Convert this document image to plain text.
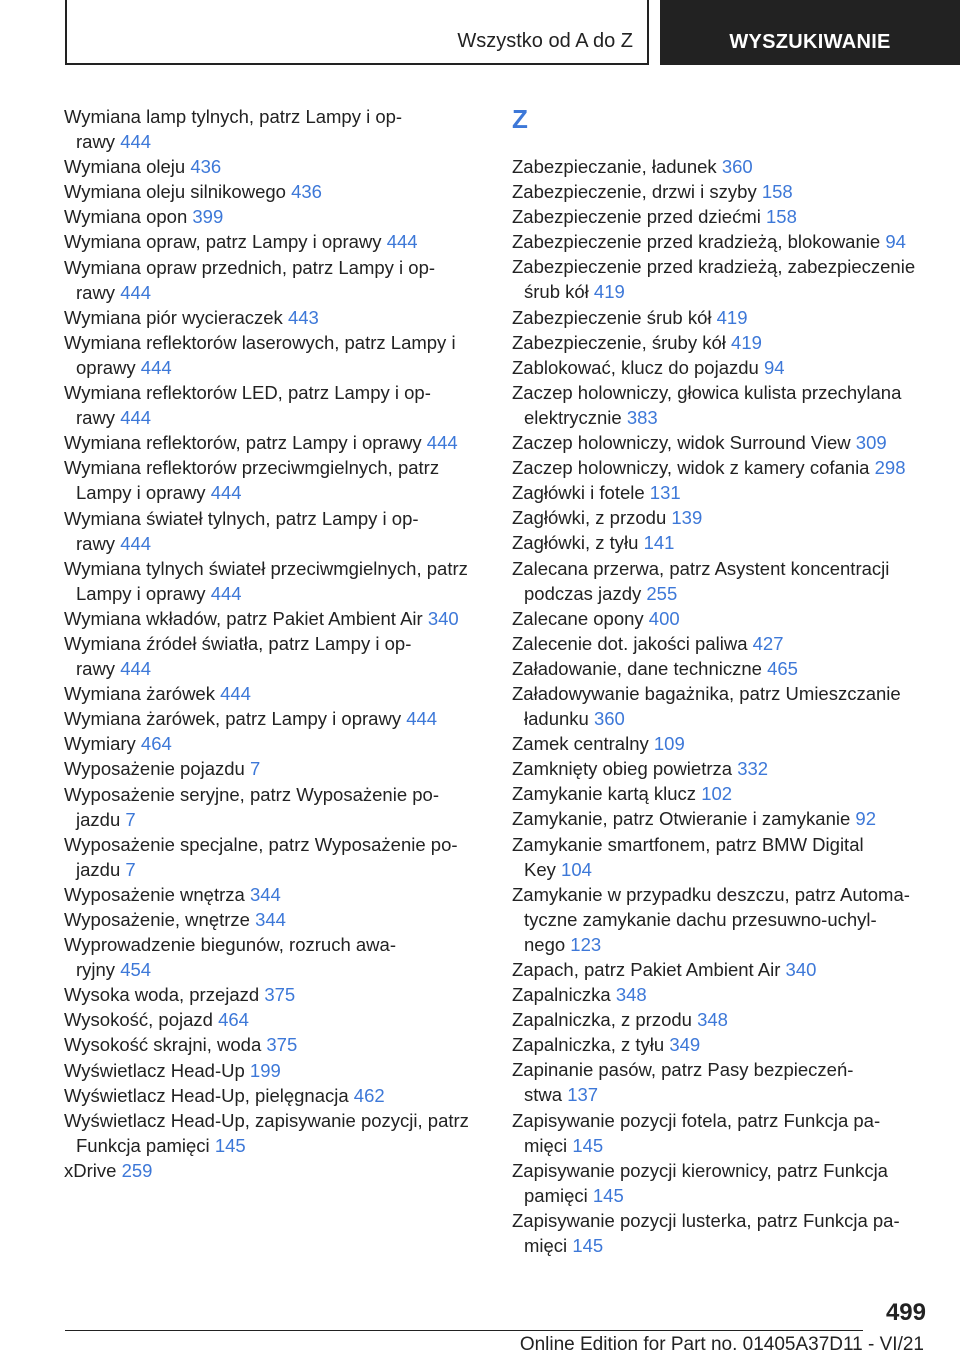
Wszystko od A do Z	WYSZUKIWANIE
Wymiana lamp tylnych, patrz Lampy i op‐
rawy 444
Wymiana oleju 436
Wymiana oleju silnikowego 436
Wymiana opon 399
Wymiana opraw, patrz Lampy i oprawy 444
Wymiana opraw przednich, patrz Lampy i op‐
rawy 444
Wymiana piór wycieraczek 443
Wymiana reflektorów laserowych, patrz Lampy i
oprawy 444
Wymiana reflektorów LED, patrz Lampy i op‐
rawy 444
Wymiana reflektorów, patrz Lampy i oprawy 444
Wymiana reflektorów przeciwmgielnych, patrz
Lampy i oprawy 444
Wymiana świateł tylnych, patrz Lampy i op‐
rawy 444
Wymiana tylnych świateł przeciwmgielnych, patrz
Lampy i oprawy 444
Wymiana wkładów, patrz Pakiet Ambient Air 340
Wymiana źródeł światła, patrz Lampy i op‐
rawy 444
Wymiana żarówek 444
Wymiana żarówek, patrz Lampy i oprawy 444
Wymiary 464
Wyposażenie pojazdu 7
Wyposażenie seryjne, patrz Wyposażenie po‐
jazdu 7
Wyposażenie specjalne, patrz Wyposażenie po‐
jazdu 7
Wyposażenie wnętrza 344
Wyposażenie, wnętrze 344
Wyprowadzenie biegunów, rozruch awa‐
ryjny 454
Wysoka woda, przejazd 375
Wysokość, pojazd 464
Wysokość skrajni, woda 375
Wyświetlacz Head-Up 199
Wyświetlacz Head-Up, pielęgnacja 462
Wyświetlacz Head-Up, zapisywanie pozycji, patrz
Funkcja pamięci 145
xDrive 259
Z
Zabezpieczanie, ładunek 360
Zabezpieczenie, drzwi i szyby 158
Zabezpieczenie przed dziećmi 158
Zabezpieczenie przed kradzieżą, blokowanie 94
Zabezpieczenie przed kradzieżą, zabezpieczenie
śrub kół 419
Zabezpieczenie śrub kół 419
Zabezpieczenie, śruby kół 419
Zablokować, klucz do pojazdu 94
Zaczep holowniczy, głowica kulista przechylana
elektrycznie 383
Zaczep holowniczy, widok Surround View 309
Zaczep holowniczy, widok z kamery cofania 298
Zagłówki i fotele 131
Zagłówki, z przodu 139
Zagłówki, z tyłu 141
Zalecana przerwa, patrz Asystent koncentracji
podczas jazdy 255
Zalecane opony 400
Zalecenie dot. jakości paliwa 427
Załadowanie, dane techniczne 465
Załadowywanie bagażnika, patrz Umieszczanie
ładunku 360
Zamek centralny 109
Zamknięty obieg powietrza 332
Zamykanie kartą klucz 102
Zamykanie, patrz Otwieranie i zamykanie 92
Zamykanie smartfonem, patrz BMW Digital
Key 104
Zamykanie w przypadku deszczu, patrz Automa‐
tyczne zamykanie dachu przesuwno-uchyl‐
nego 123
Zapach, patrz Pakiet Ambient Air 340
Zapalniczka 348
Zapalniczka, z przodu 348
Zapalniczka, z tyłu 349
Zapinanie pasów, patrz Pasy bezpieczeń‐
stwa 137
Zapisywanie pozycji fotela, patrz Funkcja pa‐
mięci 145
Zapisywanie pozycji kierownicy, patrz Funkcja
pamięci 145
Zapisywanie pozycji lusterka, patrz Funkcja pa‐
mięci 145
499
Online Edition for Part no. 01405A37D11 - VI/21
